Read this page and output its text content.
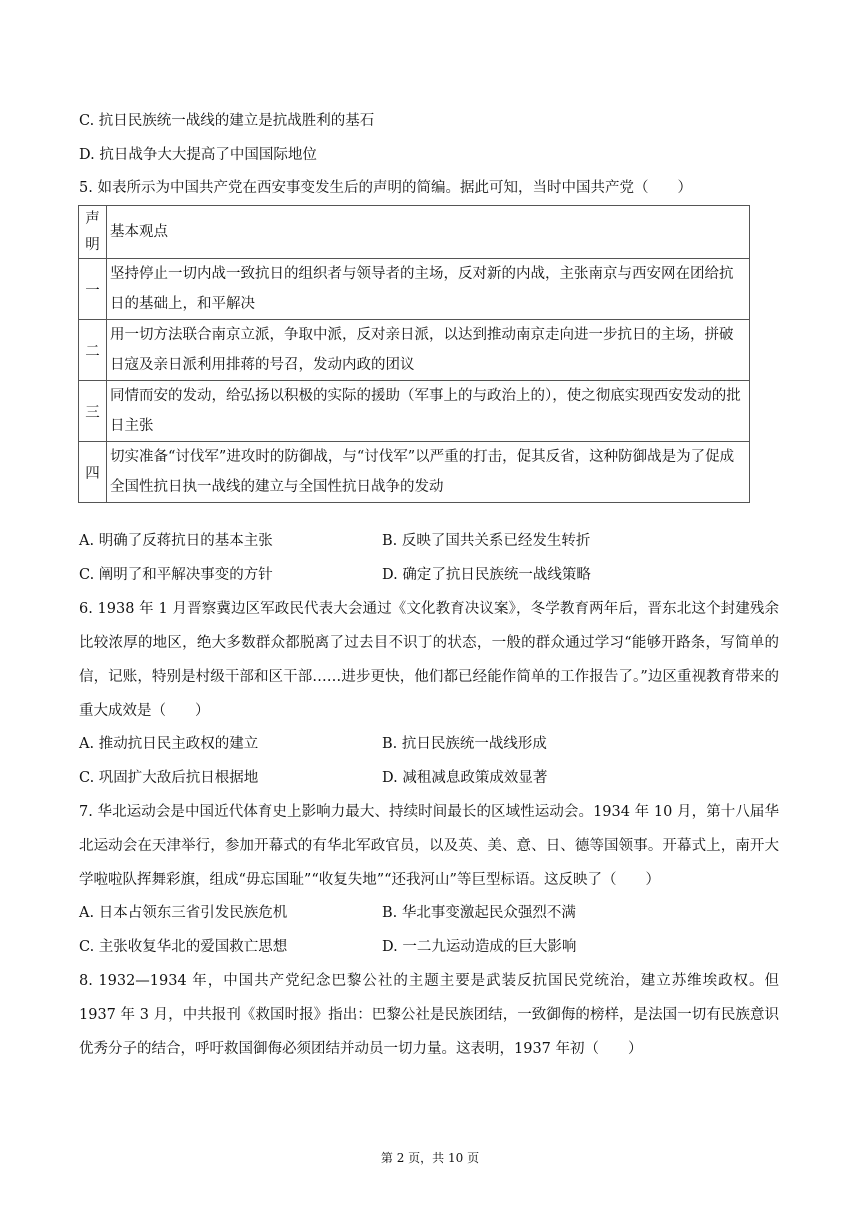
C. 抗日民族统一战线的建立是抗战胜利的基石
D. 抗日战争大大提高了中国国际地位
5. 如表所示为中国共产党在西安事变发生后的声明的简编。据此可知，当时中国共产党（　　）
声明	基本观点
一	坚持停止一切内战一致抗日的组织者与领导者的主场，反对新的内战，主张南京与西安网在团给抗日的基础上，和平解决
二	用一切方法联合南京立派，争取中派，反对亲日派，以达到推动南京走向进一步抗日的主场，拼破日寇及亲日派利用排蒋的号召，发动内政的团议
三	同情而安的发动，给弘扬以积极的实际的援助（军事上的与政治上的），使之彻底实现西安发动的批日主张
四	切实准备“讨伐军”进攻时的防御战，与“讨伐军”以严重的打击，促其反省，这种防御战是为了促成全国性抗日执一战线的建立与全国性抗日战争的发动
A. 明确了反蒋抗日的基本主张	B. 反映了国共关系已经发生转折
C. 阐明了和平解决事变的方针	D. 确定了抗日民族统一战线策略
6. 1938 年 1 月晋察冀边区军政民代表大会通过《文化教育决议案》，冬学教育两年后，晋东北这个封建残余比较浓厚的地区，绝大多数群众都脱离了过去目不识丁的状态，一般的群众通过学习“能够开路条，写简单的信，记账，特别是村级干部和区干部……进步更快，他们都已经能作简单的工作报告了。”边区重视教育带来的重大成效是（　　）
A. 推动抗日民主政权的建立	B. 抗日民族统一战线形成
C. 巩固扩大敌后抗日根据地	D. 减租减息政策成效显著
7. 华北运动会是中国近代体育史上影响力最大、持续时间最长的区域性运动会。1934 年 10 月，第十八届华北运动会在天津举行，参加开幕式的有华北军政官员，以及英、美、意、日、德等国领事。开幕式上，南开大学啦啦队挥舞彩旗，组成“毋忘国耻”“收复失地”“还我河山”等巨型标语。这反映了（　　）
A. 日本占领东三省引发民族危机	B. 华北事变激起民众强烈不满
C. 主张收复华北的爱国救亡思想	D. 一二九运动造成的巨大影响
8. 1932—1934 年，中国共产党纪念巴黎公社的主题主要是武装反抗国民党统治，建立苏维埃政权。但 1937 年 3 月，中共报刊《救国时报》指出：巴黎公社是民族团结，一致御侮的榜样，是法国一切有民族意识优秀分子的结合，呼吁救国御侮必须团结并动员一切力量。这表明，1937 年初（　　）
第 2 页，共 10 页
